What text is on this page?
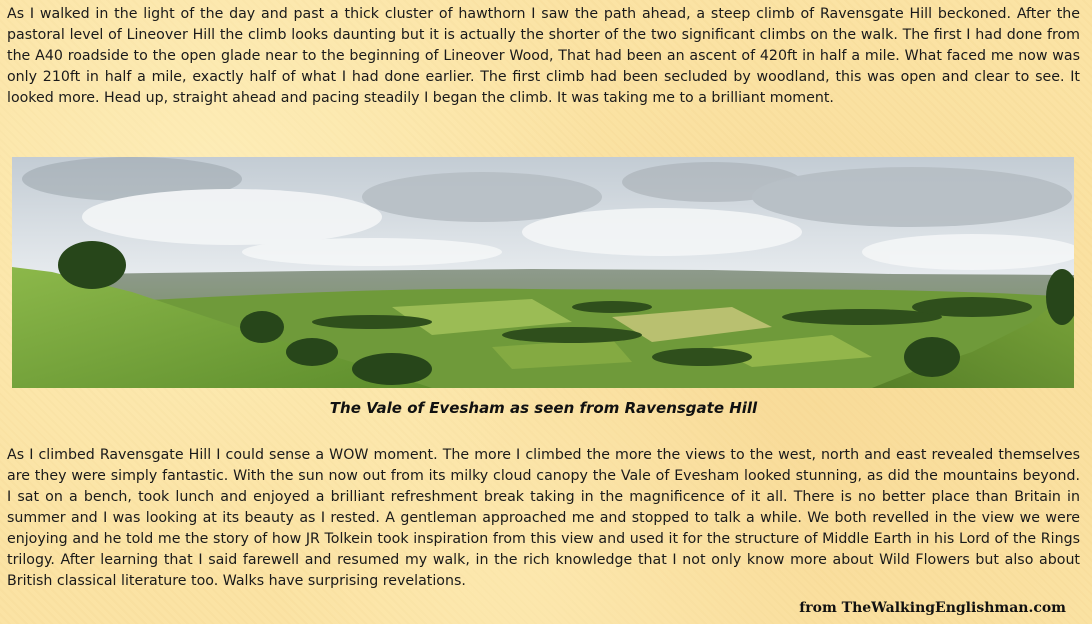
As I walked in the light of the day and past a thick cluster of hawthorn I saw the path ahead, a steep climb of Ravensgate Hill beckoned. After the pastoral level of Lineover Hill the climb looks daunting but it is actually the shorter of the two significant climbs on the walk. The first I had done from the A40 roadside to the open glade near to the beginning of Lineover Wood, That had been an ascent of 420ft in half a mile. What faced me now was only 210ft in half a mile, exactly half of what I had done earlier. The first climb had been secluded by woodland, this was open and clear to see. It looked more. Head up, straight ahead and pacing steadily I began the climb. It was taking me to a brilliant moment.

The Vale of Evesham as seen from Ravensgate Hill

As I climbed Ravensgate Hill I could sense a WOW moment. The more I climbed the more the views to the west, north and east revealed themselves are they were simply fantastic. With the sun now out from its milky cloud canopy the Vale of Evesham looked stunning, as did the mountains beyond. I sat on a bench, took lunch and enjoyed a brilliant refreshment break taking in the magnificence of it all. There is no better place than Britain in summer and I was looking at its beauty as I rested. A gentleman approached me and stopped to talk a while. We both revelled in the view we were enjoying and he told me the story of how JR Tolkein took inspiration from this view and used it for the structure of Middle Earth in his Lord of the Rings trilogy. After learning that I said farewell and resumed my walk, in the rich knowledge that I not only know more about Wild Flowers but also about British classical literature too. Walks have surprising revelations.

from TheWalkingEnglishman.com
